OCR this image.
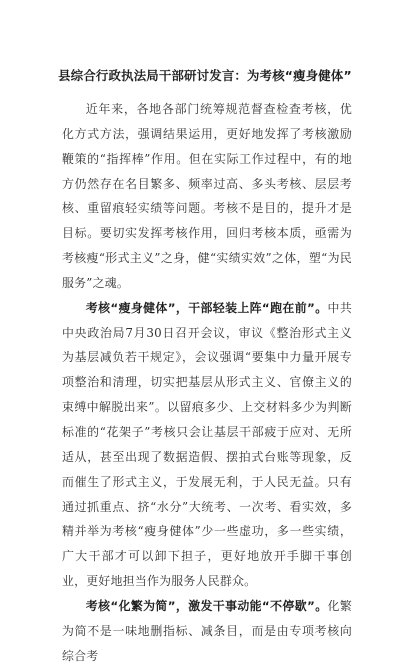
县综合行政执法局干部研讨发言：为考核“瘦身健体”

近年来，各地各部门统筹规范督查检查考核，优化方式方法，强调结果运用，更好地发挥了考核激励鞭策的“指挥棒”作用。但在实际工作过程中，有的地方仍然存在名目繁多、频率过高、多头考核、层层考核、重留痕轻实绩等问题。考核不是目的，提升才是目标。要切实发挥考核作用，回归考核本质，亟需为考核瘦“形式主义”之身，健“实绩实效”之体，塑“为民服务”之魂。

考核“瘦身健体”，干部轻装上阵“跑在前”。中共中央政治局7月30日召开会议，审议《整治形式主义为基层减负若干规定》，会议强调“要集中力量开展专项整治和清理，切实把基层从形式主义、官僚主义的束缚中解脱出来”。以留痕多少、上交材料多少为判断标准的“花架子”考核只会让基层干部疲于应对、无所适从，甚至出现了数据造假、摆拍式台账等现象，反而催生了形式主义，于发展无利，于人民无益。只有通过抓重点、挤“水分”大统考、一次考、看实效，多精并举为考核“瘦身健体”少一些虚功，多一些实绩，广大干部才可以卸下担子，更好地放开手脚干事创业，更好地担当作为服务人民群众。

考核“化繁为简”，激发干事动能“不停歇”。化繁为简不是一味地删指标、减条目，而是由专项考核向综合考
